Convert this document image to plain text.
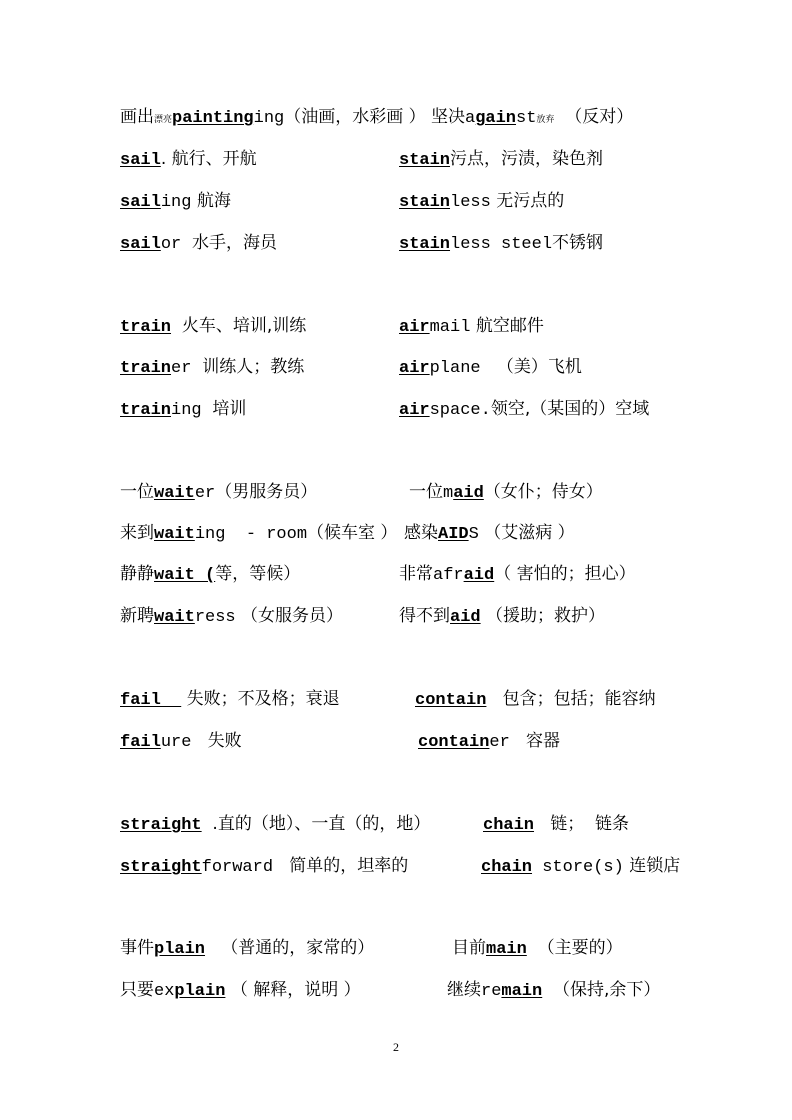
画出漂亮paintinging（油画，水彩画 ） 坚决against放弃  （反对）
sail. 航行、开航	stain污点，污渍，染色剂
sailing 航海	stainless 无污点的
sailor  水手，海员	stainless steel不锈钢
train  火车、培训,训练	airmail 航空邮件
trainer  训练人；教练	airplane   （美）飞机
training  培训	airspace.领空,（某国的）空域
一位waiter（男服务员）	一位maid（女仆；侍女）
来到waiting  - room（候车室 ） 感染AIDS （艾滋病 ）
静静wait (等，等候）	非常afraid（ 害怕的；担心）
新聘waitress （女服务员）	得不到aid （援助；救护）
fail   失败；不及格；衰退	contain   包含；包括；能容纳
failure   失败	container   容器
straight  .直的（地）、一直（的，地）	chain   链；  链条
straightforward   简单的，坦率的	chain store(s) 连锁店
事件plain   （普通的，家常的）	目前main  （主要的）
只要explain （ 解释，说明 ）	继续remain  （保持,余下）
2
